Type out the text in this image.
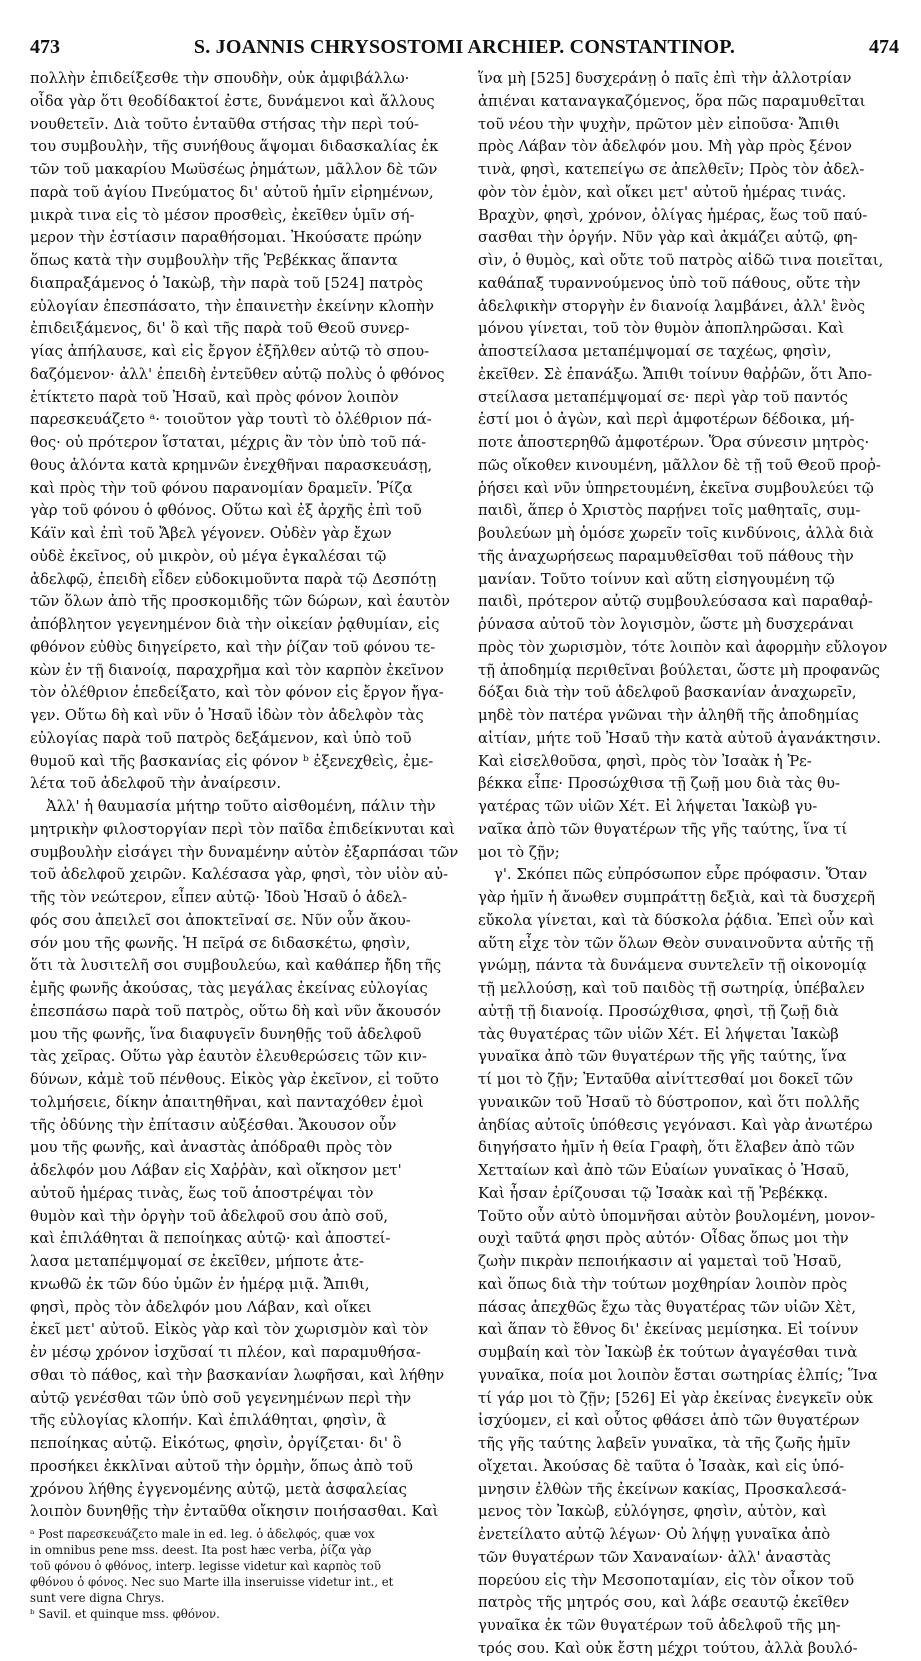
473	S. JOANNIS CHRYSOSTOMI ARCHIEP. CONSTANTINOP.	474
πολλὴν ἐπιδείξεσθε τὴν σπουδὴν, οὐκ ἀμφιβάλλω·
οἶδα γὰρ ὅτι θεοδίδακτοί ἐστε, δυνάμενοι καὶ ἄλλους
νουθετεῖν. Διὰ τοῦτο ἐνταῦθα στήσας τὴν περὶ τού-
του συμβουλὴν, τῆς συνήθους ἅψομαι διδασκαλίας ἐκ
τῶν τοῦ μακαρίου Μωϋσέως ῥημάτων, μᾶλλον δὲ τῶν
παρὰ τοῦ ἁγίου Πνεύματος δι' αὐτοῦ ἡμῖν εἰρημένων,
μικρὰ τινα εἰς τὸ μέσον προσθεὶς, ἐκεῖθεν ὑμῖν σή-
μερον τὴν ἑστίασιν παραθήσομαι. Ἠκούσατε πρώην
ὅπως κατὰ τὴν συμβουλὴν τῆς Ῥεβέκκας ἅπαντα
διαπραξάμενος ὁ Ἰακὼβ, τὴν παρὰ τοῦ [524] πατρὸς
εὐλογίαν ἐπεσπάσατο, τὴν ἐπαινετὴν ἐκείνην κλοπὴν
ἐπιδειξάμενος, δι' ὃ καὶ τῆς παρὰ τοῦ Θεοῦ συνερ-
γίας ἀπήλαυσε, καὶ εἰς ἔργον ἐξῆλθεν αὐτῷ τὸ σπου-
δαζόμενον· ἀλλ' ἐπειδὴ ἐντεῦθεν αὐτῷ πολὺς ὁ φθόνος
ἐτίκτετο παρὰ τοῦ Ἠσαῦ, καὶ πρὸς φόνον λοιπὸν
παρεσκευάζετο ᵃ· τοιοῦτον γὰρ τουτὶ τὸ ὀλέθριον πά-
θος· οὐ πρότερον ἵσταται, μέχρις ἂν τὸν ὑπὸ τοῦ πά-
θους ἁλόντα κατὰ κρημνῶν ἐνεχθῆναι παρασκευάσῃ,
καὶ πρὸς τὴν τοῦ φόνου παρανομίαν δραμεῖν. Ῥίζα
γὰρ τοῦ φόνου ὁ φθόνος. Οὕτω καὶ ἐξ ἀρχῆς ἐπὶ τοῦ
Κάϊν καὶ ἐπὶ τοῦ Ἄβελ γέγονεν. Οὐδὲν γὰρ ἔχων
οὐδὲ ἐκεῖνος, οὐ μικρὸν, οὐ μέγα ἐγκαλέσαι τῷ
ἀδελφῷ, ἐπειδὴ εἶδεν εὐδοκιμοῦντα παρὰ τῷ Δεσπότῃ
τῶν ὅλων ἀπὸ τῆς προσκομιδῆς τῶν δώρων, καὶ ἑαυτὸν
ἀπόβλητον γεγενημένον διὰ τὴν οἰκείαν ῥᾳθυμίαν, εἰς
φθόνον εὐθὺς διηγείρετο, καὶ τὴν ῥίζαν τοῦ φόνου τε-
κὼν ἐν τῇ διανοίᾳ, παραχρῆμα καὶ τὸν καρπὸν ἐκεῖνον
τὸν ὀλέθριον ἐπεδείξατο, καὶ τὸν φόνον εἰς ἔργον ἤγα-
γεν. Οὕτω δὴ καὶ νῦν ὁ Ἠσαῦ ἰδὼν τὸν ἀδελφὸν τὰς
εὐλογίας παρὰ τοῦ πατρὸς δεξάμενον, καὶ ὑπὸ τοῦ
θυμοῦ καὶ τῆς βασκανίας εἰς φόνον ᵇ ἐξενεχθεὶς, ἐμε-
λέτα τοῦ ἀδελφοῦ τὴν ἀναίρεσιν.
Ἀλλ' ἡ θαυμασία μήτηρ τοῦτο αἰσθομένη, πάλιν τὴν
μητρικὴν φιλοστοργίαν περὶ τὸν παῖδα ἐπιδείκνυται καὶ
συμβουλὴν εἰσάγει τὴν δυναμένην αὐτὸν ἐξαρπάσαι τῶν
τοῦ ἀδελφοῦ χειρῶν. Καλέσασα γὰρ, φησὶ, τὸν υἱὸν αὐ-
τῆς τὸν νεώτερον, εἶπεν αὐτῷ· Ἰδοὺ Ἠσαῦ ὁ ἀδελ-
φός σου ἀπειλεῖ σοι ἀποκτεῖναί σε. Νῦν οὖν ἄκου-
σόν μου τῆς φωνῆς. Ἡ πεῖρά σε διδασκέτω, φησὶν,
ὅτι τὰ λυσιτελῆ σοι συμβουλεύω, καὶ καθάπερ ἤδη τῆς
ἐμῆς φωνῆς ἀκούσας, τὰς μεγάλας ἐκείνας εὐλογίας
ἐπεσπάσω παρὰ τοῦ πατρὸς, οὕτω δὴ καὶ νῦν ἄκουσόν
μου τῆς φωνῆς, ἵνα διαφυγεῖν δυνηθῇς τοῦ ἀδελφοῦ
τὰς χεῖρας. Οὕτω γὰρ ἑαυτὸν ἐλευθερώσεις τῶν κιν-
δύνων, κἀμὲ τοῦ πένθους. Εἰκὸς γὰρ ἐκεῖνον, εἰ τοῦτο
τολμήσειε, δίκην ἀπαιτηθῆναι, καὶ πανταχόθεν ἐμοὶ
τῆς ὀδύνης τὴν ἐπίτασιν αὐξέσθαι. Ἄκουσον οὖν
μου τῆς φωνῆς, καὶ ἀναστὰς ἀπόδραθι πρὸς τὸν
ἀδελφόν μου Λάβαν εἰς Χαῤῥὰν, καὶ οἴκησον μετ'
αὐτοῦ ἡμέρας τινὰς, ἕως τοῦ ἀποστρέψαι τὸν
θυμὸν καὶ τὴν ὀργὴν τοῦ ἀδελφοῦ σου ἀπὸ σοῦ,
καὶ ἐπιλάθηται ἃ πεποίηκας αὐτῷ· καὶ ἀποστεί-
λασα μεταπέμψομαί σε ἐκεῖθεν, μήποτε ἀτε-
κνωθῶ ἐκ τῶν δύο ὑμῶν ἐν ἡμέρᾳ μιᾷ. Ἄπιθι,
φησὶ, πρὸς τὸν ἀδελφόν μου Λάβαν, καὶ οἴκει
ἐκεῖ μετ' αὐτοῦ. Εἰκὸς γὰρ καὶ τὸν χωρισμὸν καὶ τὸν
ἐν μέσῳ χρόνον ἰσχῦσαί τι πλέον, καὶ παραμυθήσα-
σθαι τὸ πάθος, καὶ τὴν βασκανίαν λωφῆσαι, καὶ λήθην
αὐτῷ γενέσθαι τῶν ὑπὸ σοῦ γεγενημένων περὶ τὴν
τῆς εὐλογίας κλοπήν. Καὶ ἐπιλάθηται, φησὶν, ἃ
πεποίηκας αὐτῷ. Εἰκότως, φησὶν, ὀργίζεται· δι' ὃ
προσήκει ἐκκλῖναι αὐτοῦ τὴν ὁρμὴν, ὅπως ἀπὸ τοῦ
χρόνου λήθης ἐγγενομένης αὐτῷ, μετὰ ἀσφαλείας
λοιπὸν δυνηθῇς τὴν ἐνταῦθα οἴκησιν ποιήσασθαι. Καὶ
ᵃ Post παρεσκευάζετο male in ed. leg. ὁ ἀδελφός, quæ vox
in omnibus pene mss. deest. Ita post hæc verba, ῥίζα γὰρ
τοῦ φόνου ὁ φθόνος, interp. legisse videtur καὶ καρπὸς τοῦ
φθόνου ὁ φόνος. Nec suo Marte illa inseruisse videtur int., et
sunt vere digna Chrys.
ᵇ Savil. et quinque mss. φθόνον.
ἵνα μὴ [525] δυσχεράνῃ ὁ παῖς ἐπὶ τὴν ἀλλοτρίαν
ἀπιέναι καταναγκαζόμενος, ὅρα πῶς παραμυθεῖται
τοῦ νέου τὴν ψυχὴν, πρῶτον μὲν εἰποῦσα· Ἄπιθι
πρὸς Λάβαν τὸν ἀδελφόν μου. Μὴ γὰρ πρὸς ξένον
τινὰ, φησὶ, κατεπείγω σε ἀπελθεῖν; Πρὸς τὸν ἀδελ-
φὸν τὸν ἐμὸν, καὶ οἴκει μετ' αὐτοῦ ἡμέρας τινάς.
Βραχὺν, φησὶ, χρόνον, ὀλίγας ἡμέρας, ἕως τοῦ παύ-
σασθαι τὴν ὀργήν. Νῦν γὰρ καὶ ἀκμάζει αὐτῷ, φη-
σὶν, ὁ θυμὸς, καὶ οὔτε τοῦ πατρὸς αἰδῶ τινα ποιεῖται,
καθάπαξ τυραννούμενος ὑπὸ τοῦ πάθους, οὔτε τὴν
ἀδελφικὴν στοργὴν ἐν διανοίᾳ λαμβάνει, ἀλλ' ἓνὸς
μόνου γίνεται, τοῦ τὸν θυμὸν ἀποπληρῶσαι. Καὶ
ἀποστείλασα μεταπέμψομαί σε ταχέως, φησὶν,
ἐκεῖθεν. Σὲ ἐπανάξω. Ἄπιθι τοίνυν θαῤῥῶν, ὅτι Ἀπο-
στείλασα μεταπέμψομαί σε· περὶ γὰρ τοῦ παντός
ἐστί μοι ὁ ἀγὼν, καὶ περὶ ἀμφοτέρων δέδοικα, μή-
ποτε ἀποστερηθῶ ἀμφοτέρων. Ὅρα σύνεσιν μητρὸς·
πῶς οἴκοθεν κινουμένη, μᾶλλον δὲ τῇ τοῦ Θεοῦ προῤ-
ῥήσει καὶ νῦν ὑπηρετουμένη, ἐκεῖνα συμβουλεύει τῷ
παιδὶ, ἅπερ ὁ Χριστὸς παρῄνει τοῖς μαθηταῖς, συμ-
βουλεύων μὴ ὁμόσε χωρεῖν τοῖς κινδύνοις, ἀλλὰ διὰ
τῆς ἀναχωρήσεως παραμυθεῖσθαι τοῦ πάθους τὴν
μανίαν. Τοῦτο τοίνυν καὶ αὕτη εἰσηγουμένη τῷ
παιδὶ, πρότερον αὐτῷ συμβουλεύσασα καὶ παραθαῤ-
ῥύνασα αὐτοῦ τὸν λογισμὸν, ὥστε μὴ δυσχεράναι
πρὸς τὸν χωρισμὸν, τότε λοιπὸν καὶ ἀφορμὴν εὔλογον
τῇ ἀποδημίᾳ περιθεῖναι βούλεται, ὥστε μὴ προφανῶς
δόξαι διὰ τὴν τοῦ ἀδελφοῦ βασκανίαν ἀναχωρεῖν,
μηδὲ τὸν πατέρα γνῶναι τὴν ἀληθῆ τῆς ἀποδημίας
αἰτίαν, μήτε τοῦ Ἠσαῦ τὴν κατὰ αὐτοῦ ἀγανάκτησιν.
Καὶ εἰσελθοῦσα, φησὶ, πρὸς τὸν Ἰσαὰκ ἡ Ῥε-
βέκκα εἶπε· Προσώχθισα τῇ ζωῇ μου διὰ τὰς θυ-
γατέρας τῶν υἱῶν Χέτ. Εἰ λήψεται Ἰακὼβ γυ-
ναῖκα ἀπὸ τῶν θυγατέρων τῆς γῆς ταύτης, ἵνα τί
μοι τὸ ζῇν;
γ'. Σκόπει πῶς εὐπρόσωπον εὗρε πρόφασιν. Ὅταν
γὰρ ἡμῖν ἡ ἄνωθεν συμπράττῃ δεξιὰ, καὶ τὰ δυσχερῆ
εὔκολα γίνεται, καὶ τὰ δύσκολα ῥᾴδια. Ἐπεὶ οὖν καὶ
αὕτη εἶχε τὸν τῶν ὅλων Θεὸν συναινοῦντα αὐτῆς τῇ
γνώμῃ, πάντα τὰ δυνάμενα συντελεῖν τῇ οἰκονομίᾳ
τῇ μελλούσῃ, καὶ τοῦ παιδὸς τῇ σωτηρίᾳ, ὑπέβαλεν
αὐτῇ τῇ διανοίᾳ. Προσώχθισα, φησὶ, τῇ ζωῇ διὰ
τὰς θυγατέρας τῶν υἱῶν Χέτ. Εἰ λήψεται Ἰακὼβ
γυναῖκα ἀπὸ τῶν θυγατέρων τῆς γῆς ταύτης, ἵνα
τί μοι τὸ ζῇν; Ἐνταῦθα αἰνίττεσθαί μοι δοκεῖ τῶν
γυναικῶν τοῦ Ἠσαῦ τὸ δύστροπον, καὶ ὅτι πολλῆς
ἀηδίας αὐτοῖς ὑπόθεσις γεγόνασι. Καὶ γὰρ ἀνωτέρω
διηγήσατο ἡμῖν ἡ θεία Γραφὴ, ὅτι ἔλαβεν ἀπὸ τῶν
Χετταίων καὶ ἀπὸ τῶν Εὐαίων γυναῖκας ὁ Ἠσαῦ,
Καὶ ἦσαν ἐρίζουσαι τῷ Ἰσαὰκ καὶ τῇ Ῥεβέκκᾳ.
Τοῦτο οὖν αὐτὸ ὑπομνῆσαι αὐτὸν βουλομένη, μονον-
ουχὶ ταῦτά φησι πρὸς αὐτόν· Οἶδας ὅπως μοι τὴν
ζωὴν πικρὰν πεποιήκασιν αἱ γαμεταὶ τοῦ Ἠσαῦ,
καὶ ὅπως διὰ τὴν τούτων μοχθηρίαν λοιπὸν πρὸς
πάσας ἀπεχθῶς ἔχω τὰς θυγατέρας τῶν υἱῶν Χὲτ,
καὶ ἅπαν τὸ ἔθνος δι' ἐκείνας μεμίσηκα. Εἰ τοίνυν
συμβαίη καὶ τὸν Ἰακὼβ ἐκ τούτων ἀγαγέσθαι τινὰ
γυναῖκα, ποία μοι λοιπὸν ἔσται σωτηρίας ἐλπίς; Ἵνα
τί γάρ μοι τὸ ζῇν; [526] Εἰ γὰρ ἐκείνας ἐνεγκεῖν οὐκ
ἰσχύομεν, εἰ καὶ οὗτος φθάσει ἀπὸ τῶν θυγατέρων
τῆς γῆς ταύτης λαβεῖν γυναῖκα, τὰ τῆς ζωῆς ἡμῖν
οἴχεται. Ἀκούσας δὲ ταῦτα ὁ Ἰσαὰκ, καὶ εἰς ὑπό-
μνησιν ἐλθὼν τῆς ἐκείνων κακίας, Προσκαλεσά-
μενος τὸν Ἰακὼβ, εὐλόγησε, φησὶν, αὐτὸν, καὶ
ἐνετείλατο αὐτῷ λέγων· Οὐ λήψῃ γυναῖκα ἀπὸ
τῶν θυγατέρων τῶν Χαναναίων· ἀλλ' ἀναστὰς
πορεύου εἰς τὴν Μεσοποταμίαν, εἰς τὸν οἶκον τοῦ
πατρὸς τῆς μητρός σου, καὶ λάβε σεαυτῷ ἐκεῖθεν
γυναῖκα ἐκ τῶν θυγατέρων τοῦ ἀδελφοῦ τῆς μη-
τρός σου. Καὶ οὐκ ἔστη μέχρι τούτου, ἀλλὰ βουλό-
